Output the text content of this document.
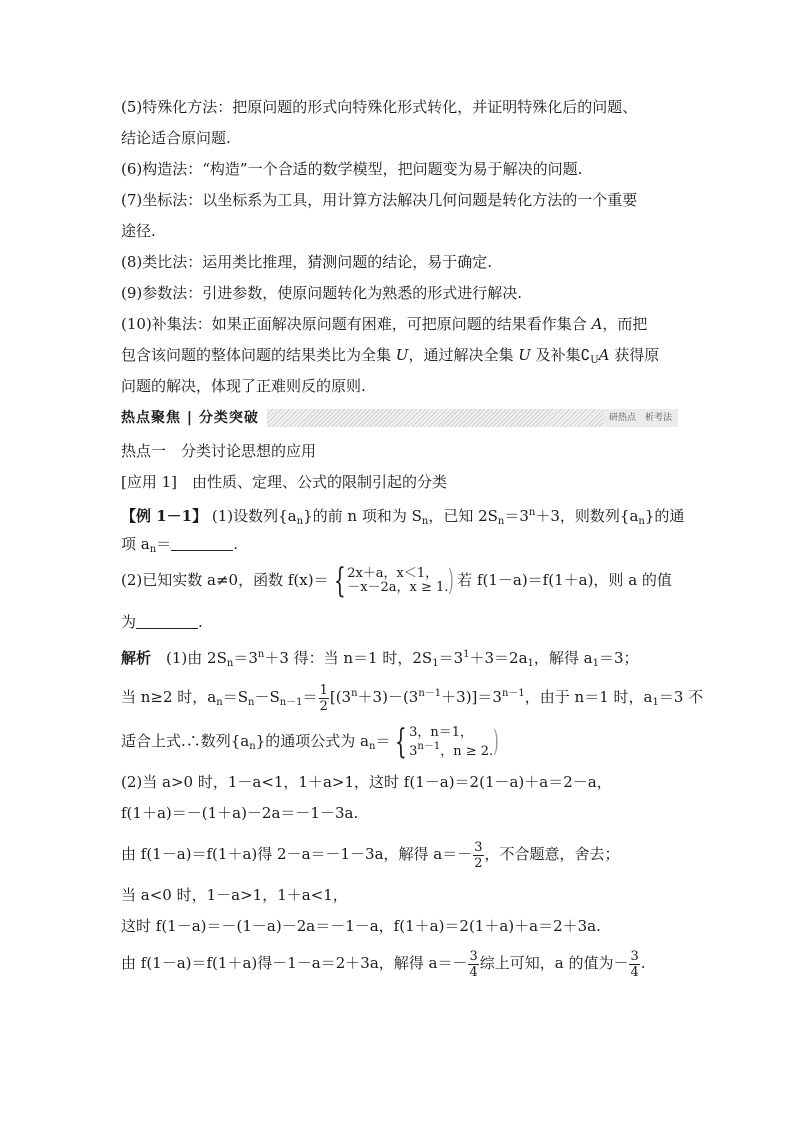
(5)特殊化方法：把原问题的形式向特殊化形式转化，并证明特殊化后的问题、
结论适合原问题.
(6)构造法：“构造”一个合适的数学模型，把问题变为易于解决的问题.
(7)坐标法：以坐标系为工具，用计算方法解决几何问题是转化方法的一个重要
途径.
(8)类比法：运用类比推理，猜测问题的结论，易于确定.
(9)参数法：引进参数，使原问题转化为熟悉的形式进行解决.
(10)补集法：如果正面解决原问题有困难，可把原问题的结果看作集合 A，而把
包含该问题的整体问题的结果类比为全集 U，通过解决全集 U 及补集$∁_UA$ 获得原
问题的解决，体现了正难则反的原则.
热点聚焦 | 分类突破	研热点　析考法
热点一　分类讨论思想的应用
[应用 1]　由性质、定理、公式的限制引起的分类
【例 1－1】 (1)设数列$\{a_n\}$的前 n 项和为 $S_n$，已知 $2S_n=3^n+3$，则数列$\{a_n\}$的通
项 $a_n=$	.
(2)已知实数 a≠0，函数 f(x)＝ { 2x＋a，x＜1，
－x－2a，x ≥ 1. ) 若 f(1－a)＝f(1＋a)，则 a 的值
为	.
解析　(1)由 $2S_n=3^n+3$ 得：当 n＝1 时，$2S_1=3^1+3=2a_1$，解得 $a_1=3$；
当 n≥2 时，$a_n=S_n-S_{n-1}= \frac{1}{2} [(3^n+3)-(3^{n-1}+3)]=3^{n-1}$，由于 n＝1 时，$a_1=3$ 不
适合上式.∴数列$\{a_n\}$的通项公式为 $a_n=$ { 3，n＝1，
$3^{n-1}$，n ≥ 2. )
(2)当 a>0 时，1－a<1，1＋a>1，这时 f(1－a)＝2(1－a)＋a＝2－a，
f(1＋a)＝－(1＋a)－2a＝－1－3a.
由 f(1－a)＝f(1＋a)得 2－a＝－1－3a，解得 $a=- \frac{3}{2}$ ，不合题意，舍去；
当 a<0 时，1－a>1，1＋a<1，
这时 f(1－a)＝－(1－a)－2a＝－1－a，f(1＋a)＝2(1＋a)＋a＝2＋3a.
由 f(1－a)＝f(1＋a)得－1－a＝2＋3a，解得 $a=- \frac{3}{4}$ 综上可知，a 的值为－ $\frac{3}{4}$ .
